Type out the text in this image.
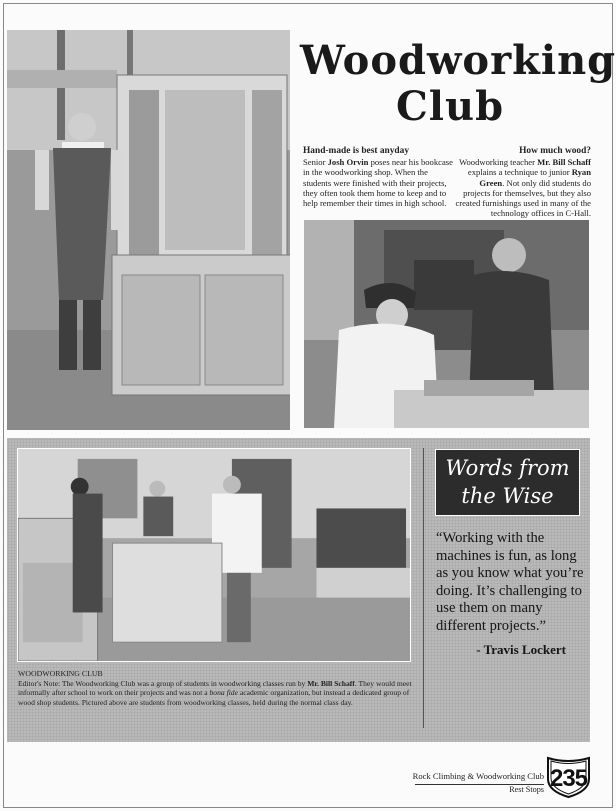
Woodworking
Club
Hand-made is best anyday
Senior Josh Orvin poses near his bookcase in the woodworking shop. When the students were finished with their projects, they often took them home to keep and to help remember their times in high school.
How much wood?
Woodworking teacher Mr. Bill Schaff explains a technique to junior Ryan Green. Not only did students do projects for themselves, but they also created furnishings used in many of the technology offices in C-Hall.
Words from
the Wise
“Working with the machines is fun, as long as you know what you’re doing. It’s challenging to use them on many different projects.”
- Travis Lockert
WOODWORKING CLUB
Editor's Note: The Woodworking Club was a group of students in woodworking classes run by Mr. Bill Schaff. They would meet informally after school to work on their projects and was not a bona fide academic organization, but instead a dedicated group of wood shop students. Pictured above are students from woodworking classes, held during the normal class day.
Rock Climbing & Woodworking Club
Rest Stops 235
